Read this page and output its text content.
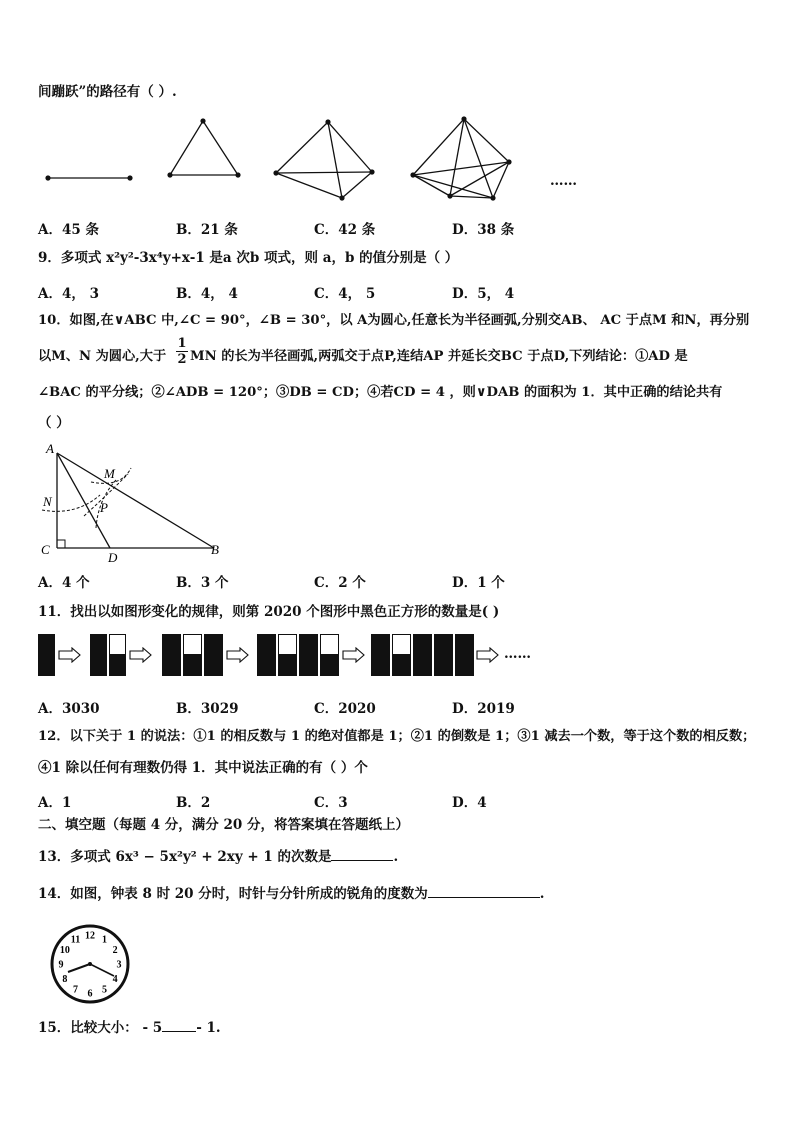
间蹦跃”的路径有（ ）.
……
A．45 条	B．21 条	C．42 条	D．38 条
9．多项式 x²y²-3x⁴y+x-1 是a 次b 项式，则 a，b 的值分别是（ ）
A．4， 3	B．4， 4	C．4， 5	D．5， 4
10．如图,在∨ABC 中,∠C = 90°，∠B = 30°，以 A为圆心,任意长为半径画弧,分别交AB、 AC 于点M 和N，再分别
以M、N 为圆心,大于 $\frac{1}{2}$ MN 的长为半径画弧,两弧交于点P,连结AP 并延长交BC 于点D,下列结论：①AD 是
∠BAC 的平分线；②∠ADB = 120°；③DB = CD；④若CD = 4 ，则∨DAB 的面积为 1．其中正确的结论共有
（ ）
A
M
N	P
C
D
B
A．4 个	B．3 个	C．2 个	D．1 个
11．找出以如图形变化的规律，则第 2020 个图形中黑色正方形的数量是( )
……
A．3030	B．3029	C．2020	D．2019
12．以下关于 1 的说法：①1 的相反数与 1 的绝对值都是 1；②1 的倒数是 1；③1 减去一个数，等于这个数的相反数；
④1 除以任何有理数仍得 1．其中说法正确的有（ ）个
A．1	B．2	C．3	D．4
二、填空题（每题 4 分，满分 20 分，将答案填在答题纸上）
13．多项式 6x³ − 5x²y² + 2xy + 1 的次数是	.
14．如图，钟表 8 时 20 分时，时针与分针所成的锐角的度数为	.
12 1
2
3
4
5
6
7
8
9
10
11
15．比较大小： - 5	- 1.
